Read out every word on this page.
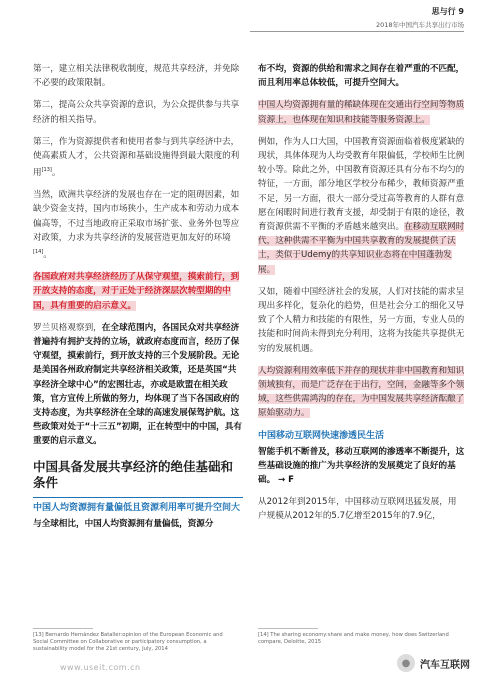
思与行 9
2018年中国汽车共享出行市场

第一，建立相关法律税收制度，规范共享经济，并免除不必要的政策限制。

第二，提高公众共享资源的意识，为公众提供参与共享经济的相关指导。

第三，作为资源提供者和使用者参与到共享经济中去，使高素质人才，公共资源和基础设施得到最大限度的利用[13]。

当然，欧洲共享经济的发展也存在一定的阻碍因素，如缺少资金支持，国内市场狭小，生产成本和劳动力成本偏高等，不过当地政府正采取市场扩张、业务外包等应对政策，力求为共享经济的发展营造更加友好的环境[14]。

各国政府对共享经济经历了从保守观望，摸索前行，到开放支持的态度，对于正处于经济深层次转型期的中国，具有重要的启示意义。

罗兰贝格观察到，在全球范围内，各国民众对共享经济普遍持有拥护支持的立场，就政府态度而言，经历了保守观望，摸索前行，到开放支持的三个发展阶段。无论是美国各州政府制定共享经济相关政策，还是英国“共享经济全球中心”的宏图壮志，亦或是欧盟在相关政策，官方宣传上所做的努力，均体现了当下各国政府的支持态度，为共享经济在全球的高速发展保驾护航。这些政策对处于“十三五”初期，正在转型中的中国，具有重要的启示意义。

中国具备发展共享经济的绝佳基础和条件
中国人均资源拥有量偏低且资源利用率可提升空间大

与全球相比，中国人均资源拥有量偏低，资源分

[13] Bernardo Hernández Bataller:opinion of the European Economic and Social Committee on Collaborative or participatory consumption, a sustainability model for the 21st century, July, 2014

布不均，资源的供给和需求之间存在着严重的不匹配，而且利用率总体较低，可提升空间大。

中国人均资源拥有量的稀缺体现在交通出行空间等物质资源上，也体现在知识和技能等服务资源上。

例如，作为人口大国，中国教育资源面临着极度紧缺的现状，具体体现为人均受教育年限偏低，学校师生比例较小等。除此之外，中国教育资源还具有分布不均匀的特征，一方面，部分地区学校分布稀少，教师资源严重不足，另一方面，很大一部分受过高等教育的人群有意愿在闲暇时间进行教育支援，却受制于有限的途径，教育资源供需不平衡的矛盾越来越突出。在移动互联网时代，这种供需不平衡为中国共享教育的发展提供了沃土，类似于Udemy的共享知识业态将在中国蓬勃发展。

又如，随着中国经济社会的发展，人们对技能的需求呈现出多样化，复杂化的趋势，但是社会分工的细化又导致了个人精力和技能的有限性，另一方面，专业人员的技能和时间尚未得到充分利用，这将为技能共享提供无穷的发展机遇。

人均资源利用效率低下并存的现状并非中国教育和知识领域独有，而是广泛存在于出行，空间，金融等多个领域，这些供需鸿沟的存在，为中国发展共享经济酝酿了原始驱动力。

中国移动互联网快速渗透民生活

智能手机不断普及，移动互联网的渗透率不断提升，这些基础设施的推广为共享经济的发展奠定了良好的基础。 → F

从2012年到2015年，中国移动互联网迅猛发展，用户规模从2012年的5.7亿增至2015年的7.9亿，

[14] The sharing economy:share and make money, how does Switzerland compare, Deloitte, 2015
www.useit.com.cn	● 汽车互联网
